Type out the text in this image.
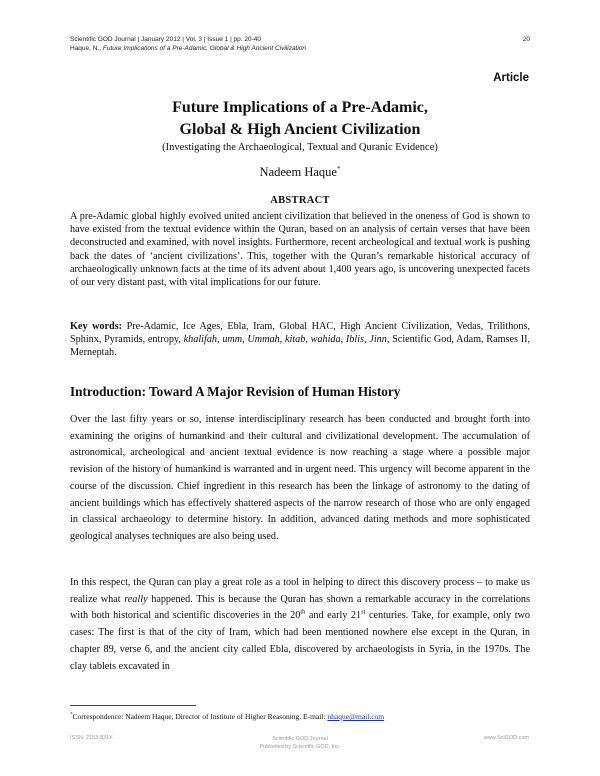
Scientific GOD Journal | January 2012 | Vol. 3 | Issue 1 | pp. 20-40
Haque, N., Future Implications of a Pre-Adamic, Global & High Ancient Civilization
20
Article
Future Implications of a Pre-Adamic,
Global & High Ancient Civilization
(Investigating the Archaeological, Textual and Quranic Evidence)
Nadeem Haque*
ABSTRACT
A pre-Adamic global highly evolved united ancient civilization that believed in the oneness of God is shown to have existed from the textual evidence within the Quran, based on an analysis of certain verses that have been deconstructed and examined, with novel insights. Furthermore, recent archeological and textual work is pushing back the dates of ‘ancient civilizations’. This, together with the Quran’s remarkable historical accuracy of archaeologically unknown facts at the time of its advent about 1,400 years ago, is uncovering unexpected facets of our very distant past, with vital implications for our future.
Key words: Pre-Adamic, Ice Ages, Ebla, Iram, Global HAC, High Ancient Civilization, Vedas, Trilithons, Sphinx, Pyramids, entropy, khalifah, umm, Ummah, kitab, wahida, Iblis, Jinn, Scientific God, Adam, Ramses II, Merneptah.
Introduction: Toward A Major Revision of Human History
Over the last fifty years or so, intense interdisciplinary research has been conducted and brought forth into examining the origins of humankind and their cultural and civilizational development. The accumulation of astronomical, archeological and ancient textual evidence is now reaching a stage where a possible major revision of the history of humankind is warranted and in urgent need. This urgency will become apparent in the course of the discussion. Chief ingredient in this research has been the linkage of astronomy to the dating of ancient buildings which has effectively shattered aspects of the narrow research of those who are only engaged in classical archaeology to determine history. In addition, advanced dating methods and more sophisticated geological analyses techniques are also being used.
In this respect, the Quran can play a great role as a tool in helping to direct this discovery process – to make us realize what really happened. This is because the Quran has shown a remarkable accuracy in the correlations with both historical and scientific discoveries in the 20th and early 21st centuries. Take, for example, only two cases: The first is that of the city of Iram, which had been mentioned nowhere else except in the Quran, in chapter 89, verse 6, and the ancient city called Ebla, discovered by archaeologists in Syria, in the 1970s. The clay tablets excavated in
*Correspondence: Nadeem Haque, Director of Institute of Higher Reasoning. E-mail: nhaque@mail.com
ISSN: 2153-831X	Scientific GOD Journal
Published by Scientific GOD, Inc.
www.SciGOD.com
